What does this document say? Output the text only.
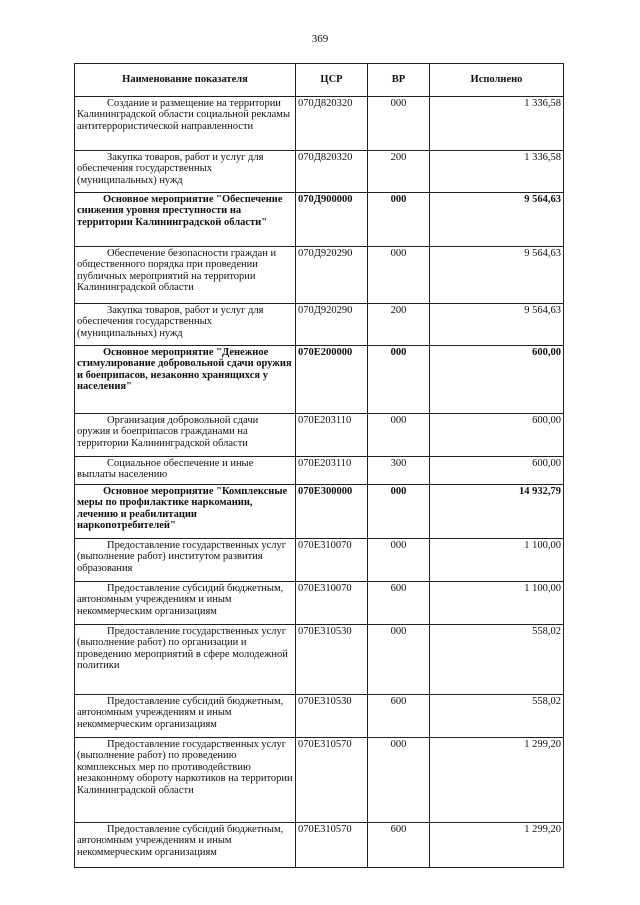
369
Наименование показателя	ЦСР	ВР	Исполнено
Создание и размещение на территории Калининградской области социальной рекламы антитеррористической направленности	070Д820320	000	1 336,58
Закупка товаров, работ и услуг для обеспечения государственных (муниципальных) нужд	070Д820320	200	1 336,58
Основное мероприятие "Обеспечение снижения уровня преступности на территории Калининградской области"	070Д900000	000	9 564,63
Обеспечение безопасности граждан и общественного порядка при проведении публичных мероприятий на территории Калининградской области	070Д920290	000	9 564,63
Закупка товаров, работ и услуг для обеспечения государственных (муниципальных) нужд	070Д920290	200	9 564,63
Основное мероприятие "Денежное стимулирование добровольной сдачи оружия и боеприпасов, незаконно хранящихся у населения"	070Е200000	000	600,00
Организация добровольной сдачи оружия и боеприпасов гражданами на территории Калининградской области	070Е203110	000	600,00
Социальное обеспечение и иные выплаты населению	070Е203110	300	600,00
Основное мероприятие "Комплексные меры по профилактике наркомании, лечению и реабилитации наркопотребителей"	070Е300000	000	14 932,79
Предоставление государственных услуг (выполнение работ) институтом развития образования	070Е310070	000	1 100,00
Предоставление субсидий бюджетным, автономным учреждениям и иным некоммерческим организациям	070Е310070	600	1 100,00
Предоставление государственных услуг (выполнение работ) по организации и проведению мероприятий в сфере молодежной политики	070Е310530	000	558,02
Предоставление субсидий бюджетным, автономным учреждениям и иным некоммерческим организациям	070Е310530	600	558,02
Предоставление государственных услуг (выполнение работ) по проведению комплексных мер по противодействию незаконному обороту наркотиков на территории Калининградской области	070Е310570	000	1 299,20
Предоставление субсидий бюджетным, автономным учреждениям и иным некоммерческим организациям	070Е310570	600	1 299,20
